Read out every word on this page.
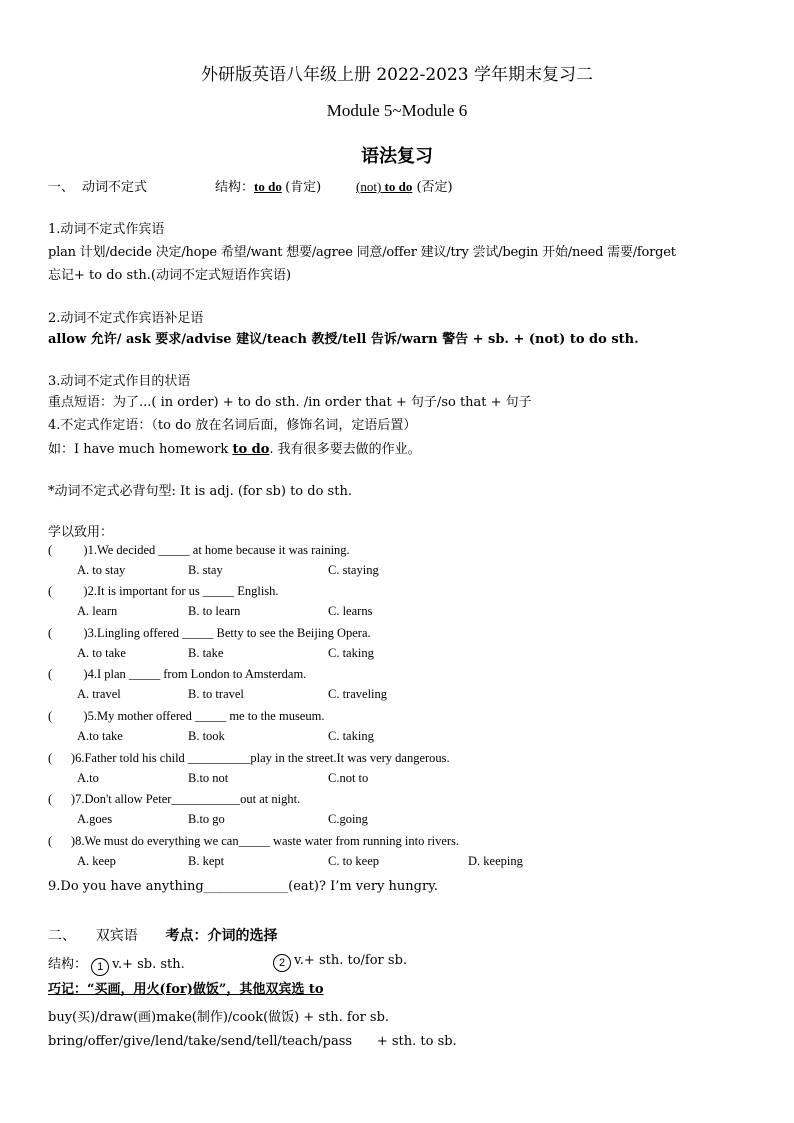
外研版英语八年级上册 2022-2023 学年期末复习二
Module 5~Module 6
语法复习
一、 动词不定式	结构：to do (肯定)	(not) to do (否定)
1.动词不定式作宾语
plan 计划/decide 决定/hope 希望/want 想要/agree 同意/offer 建议/try 尝试/begin 开始/need 需要/forget
忘记+ to do sth.(动词不定式短语作宾语)
2.动词不定式作宾语补足语
allow 允许/ ask 要求/advise 建议/teach 教授/tell 告诉/warn 警告 + sb. + (not) to do sth.
3.动词不定式作目的状语
重点短语：为了...( in order) + to do sth. /in order that + 句子/so that + 句子
4.不定式作定语：（to do 放在名词后面，修饰名词，定语后置）
如：I have much homework to do. 我有很多要去做的作业。
*动词不定式必背句型: It is adj. (for sb) to do sth.
学以致用：
(          )1.We decided _____ at home because it was raining.
A. to stay	B. stay	C. staying
(          )2.It is important for us _____ English.
A. learn	B. to learn	C. learns
(          )3.Lingling offered _____ Betty to see the Beijing Opera.
A. to take	B. take	C. taking
(          )4.I plan _____ from London to Amsterdam.
A. travel	B. to travel	C. traveling
(          )5.My mother offered _____ me to the museum.
A.to take	B. took	C. taking
(      )6.Father told his child __________play in the street.It was very dangerous.
A.to	B.to not	C.not to
(      )7.Don't allow Peter___________out at night.
A.goes	B.to go	C.going
(      )8.We must do everything we can_____ waste water from running into rivers.
A. keep	B. kept	C. to keep	D. keeping
9.Do you have anything_____________(eat)? I’m very hungry.
二、 双宾语 考点：介词的选择
结构： 1 v.+ sb. sth.	2 v.+ sth. to/for sb.
巧记：“买画，用火(for)做饭”，其他双宾选 to
buy(买)/draw(画)make(制作)/cook(做饭) + sth. for sb.
bring/offer/give/lend/take/send/tell/teach/pass      + sth. to sb.
